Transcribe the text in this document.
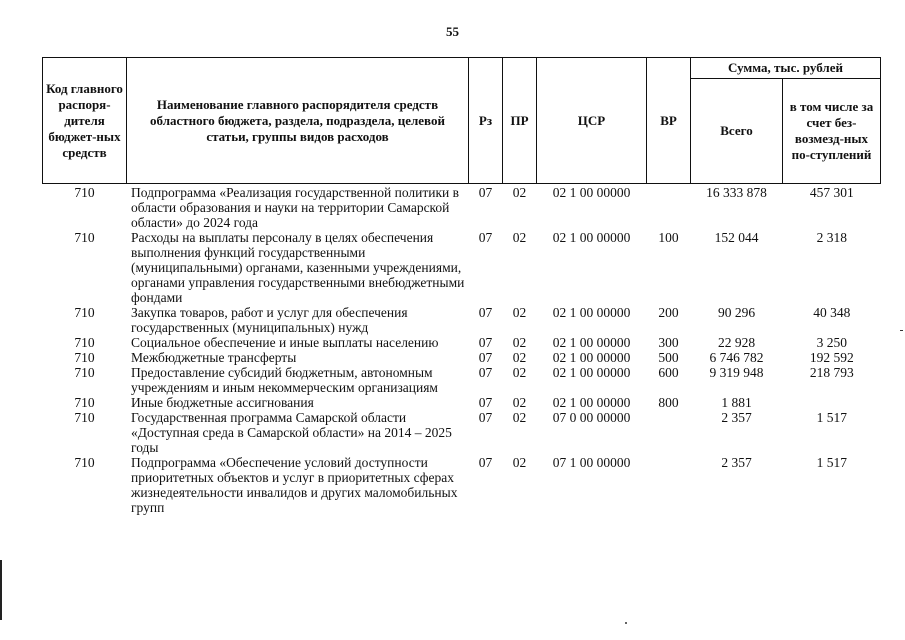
55
Код главного распоря-дителя бюджет-ных средств	Наименование главного распорядителя средств областного бюджета, раздела, подраздела, целевой статьи, группы видов расходов	Рз	ПР	ЦСР	ВР	Сумма, тыс. рублей	
						Всего	в том числе за счет без-возмезд-ных по-ступлений
710	Подпрограмма «Реализация государственной политики в области образования и науки на территории Самарской области» до 2024 года	07	02	02 1 00 00000		16 333 878	457 301
710	Расходы на выплаты персоналу в целях обеспечения выполнения функций государственными (муниципальными) органами, казенными учреждениями, органами управления государственными внебюджетными фондами	07	02	02 1 00 00000	100	152 044	2 318
710	Закупка товаров, работ и услуг для обеспечения государственных (муниципальных) нужд	07	02	02 1 00 00000	200	90 296	40 348
710	Социальное обеспечение и иные выплаты населению	07	02	02 1 00 00000	300	22 928	3 250
710	Межбюджетные трансферты	07	02	02 1 00 00000	500	6 746 782	192 592
710	Предоставление субсидий бюджетным, автономным учреждениям и иным некоммерческим организациям	07	02	02 1 00 00000	600	9 319 948	218 793
710	Иные бюджетные ассигнования	07	02	02 1 00 00000	800	1 881	
710	Государственная программа Самарской области «Доступная среда в Самарской области» на 2014 – 2025 годы	07	02	07 0 00 00000		2 357	1 517
710	Подпрограмма «Обеспечение условий доступности приоритетных объектов и услуг в приоритетных сферах жизнедеятельности инвалидов и других маломобильных групп	07	02	07 1 00 00000		2 357	1 517
